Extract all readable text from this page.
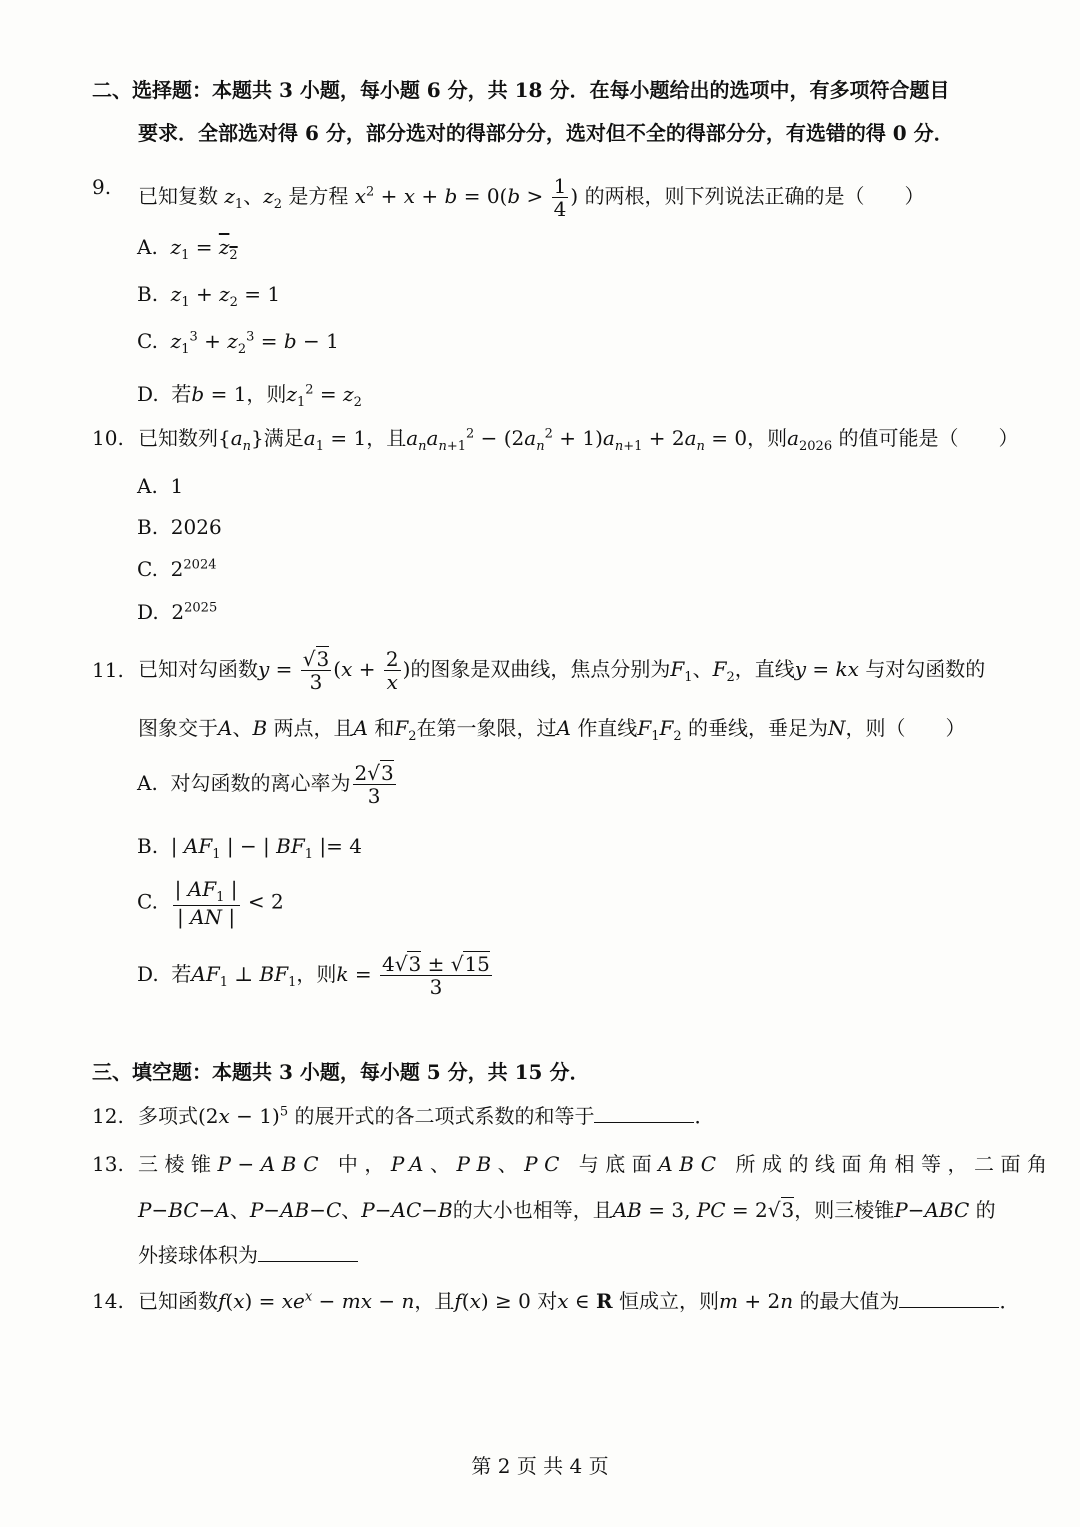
二、选择题：本题共 3 小题，每小题 6 分，共 18 分．在每小题给出的选项中，有多项符合题目
要求．全部选对得 6 分，部分选对的得部分分，选对但不全的得部分分，有选错的得 0 分．
9. 已知复数 $z_1$、$z_2$ 是方程 $x^2 + x + b = 0(b > \frac{1}{4}$ ) 的两根，则下列说法正确的是（　　）
A. $z_1 = z_2$
B. $z_1 + z_2 = 1$
C. $z_1^3 + z_2^3 = b - 1$
D. 若b = 1，则$z_1^2 = z_2$
10. 已知数列$\{a_n\}$满足$a_1 = 1$，且$a_na_{n+1}^2 - (2a_n^2 + 1)a_{n+1} + 2a_n = 0$，则$a_{2026}$ 的值可能是（　　）
A. 1
B. 2026
C.  $2^{2024}$
D.  $2^{2025}$
11. 已知对勾函数$y = \frac{√3}{3} (x + \frac{2}{x}$ )的图象是双曲线，焦点分别为$F_1$、$F_2$，直线y = kx 与对勾函数的
图象交于A、B 两点，且A 和$F_2$在第一象限，过A 作直线$F_1F_2$ 的垂线，垂足为N，则（　　）
A. 对勾函数的离心率为 $\frac{2√3}{3}$
B.  | $AF_1$ | − | $BF_1$ |= 4
C. $\frac{| AF_1 |}{| AN |} < 2$
D. 若$AF_1$ ⊥ $BF_1$，则$k = \frac{4√3 \pm √15}{3}$
三、填空题：本题共 3 小题，每小题 5 分，共 15 分．
12. 多项式$(2x - 1)^5$ 的展开式的各二项式系数的和等于	．
13. 三棱锥P−ABC 中，PA、PB、PC 与底面ABC 所成的线面角相等，二面角
P−BC−A、P−AB−C、P−AC−B的大小也相等，且AB = 3, PC = 2√3，则三棱锥P−ABC 的
外接球体积为
14. 已知函数$f(x) = xe^x$ − mx − n，且f(x) ≥ 0 对x ∈ R 恒成立，则m + 2n 的最大值为	．
第 2 页 共 4 页
